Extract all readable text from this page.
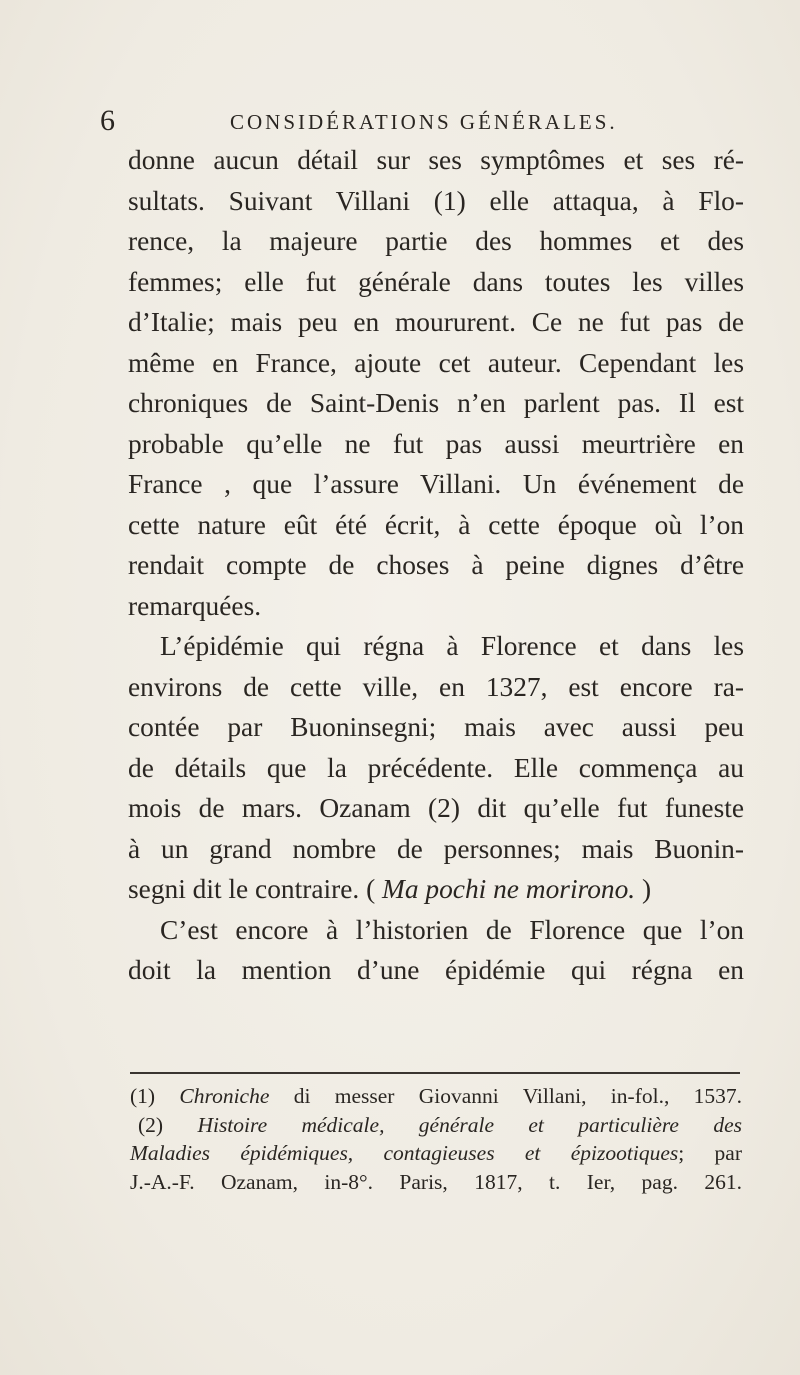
6	CONSIDÉRATIONS GÉNÉRALES.
donne aucun détail sur ses symptômes et ses ré-
sultats. Suivant Villani (1) elle attaqua, à Flo-
rence, la majeure partie des hommes et des
femmes; elle fut générale dans toutes les villes
d’Italie; mais peu en moururent. Ce ne fut pas de
même en France, ajoute cet auteur. Cependant les
chroniques de Saint-Denis n’en parlent pas. Il est
probable qu’elle ne fut pas aussi meurtrière en
France , que l’assure Villani. Un événement de
cette nature eût été écrit, à cette époque où l’on
rendait compte de choses à peine dignes d’être
remarquées.
L’épidémie qui régna à Florence et dans les
environs de cette ville, en 1327, est encore ra-
contée par Buoninsegni; mais avec aussi peu
de détails que la précédente. Elle commença au
mois de mars. Ozanam (2) dit qu’elle fut funeste
à un grand nombre de personnes; mais Buonin-
segni dit le contraire. ( Ma pochi ne morirono. )
C’est encore à l’historien de Florence que l’on
doit la mention d’une épidémie qui régna en
(1) Chroniche di messer Giovanni Villani, in-fol., 1537.
(2) Histoire médicale, générale et particulière des
Maladies épidémiques, contagieuses et épizootiques; par
J.-A.-F. Ozanam, in-8°. Paris, 1817, t. Ier, pag. 261.
